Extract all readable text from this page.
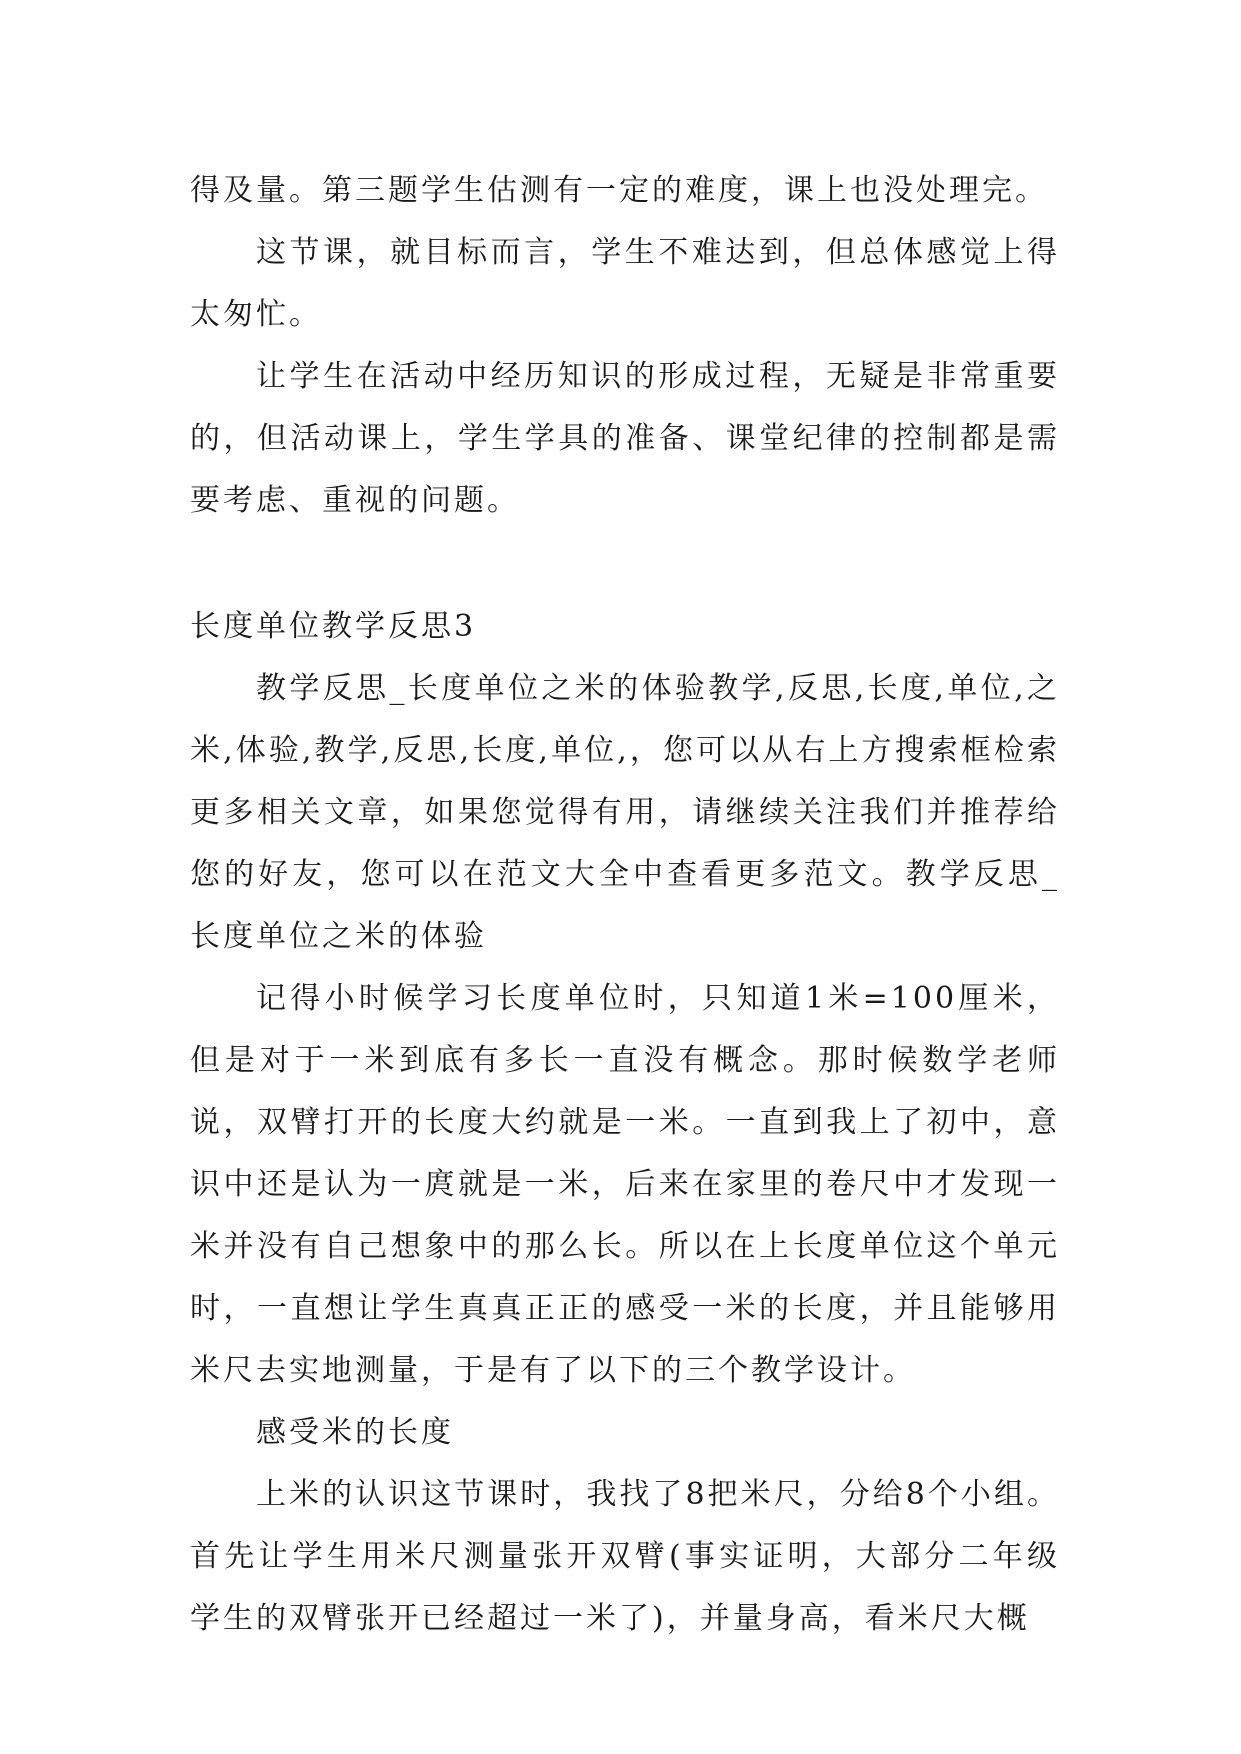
得及量。第三题学生估测有一定的难度，课上也没处理完。

这节课，就目标而言，学生不难达到，但总体感觉上得太匆忙。

让学生在活动中经历知识的形成过程，无疑是非常重要的，但活动课上，学生学具的准备、课堂纪律的控制都是需要考虑、重视的问题。

长度单位教学反思3

教学反思_长度单位之米的体验教学,反思,长度,单位,之米,体验,教学,反思,长度,单位,，您可以从右上方搜索框检索更多相关文章，如果您觉得有用，请继续关注我们并推荐给您的好友，您可以在范文大全中查看更多范文。教学反思_长度单位之米的体验

记得小时候学习长度单位时，只知道1米=100厘米，但是对于一米到底有多长一直没有概念。那时候数学老师说，双臂打开的长度大约就是一米。一直到我上了初中，意识中还是认为一庹就是一米，后来在家里的卷尺中才发现一米并没有自己想象中的那么长。所以在上长度单位这个单元时，一直想让学生真真正正的感受一米的长度，并且能够用米尺去实地测量，于是有了以下的三个教学设计。

感受米的长度

上米的认识这节课时，我找了8把米尺，分给8个小组。首先让学生用米尺测量张开双臂(事实证明，大部分二年级学生的双臂张开已经超过一米了)，并量身高，看米尺大概
